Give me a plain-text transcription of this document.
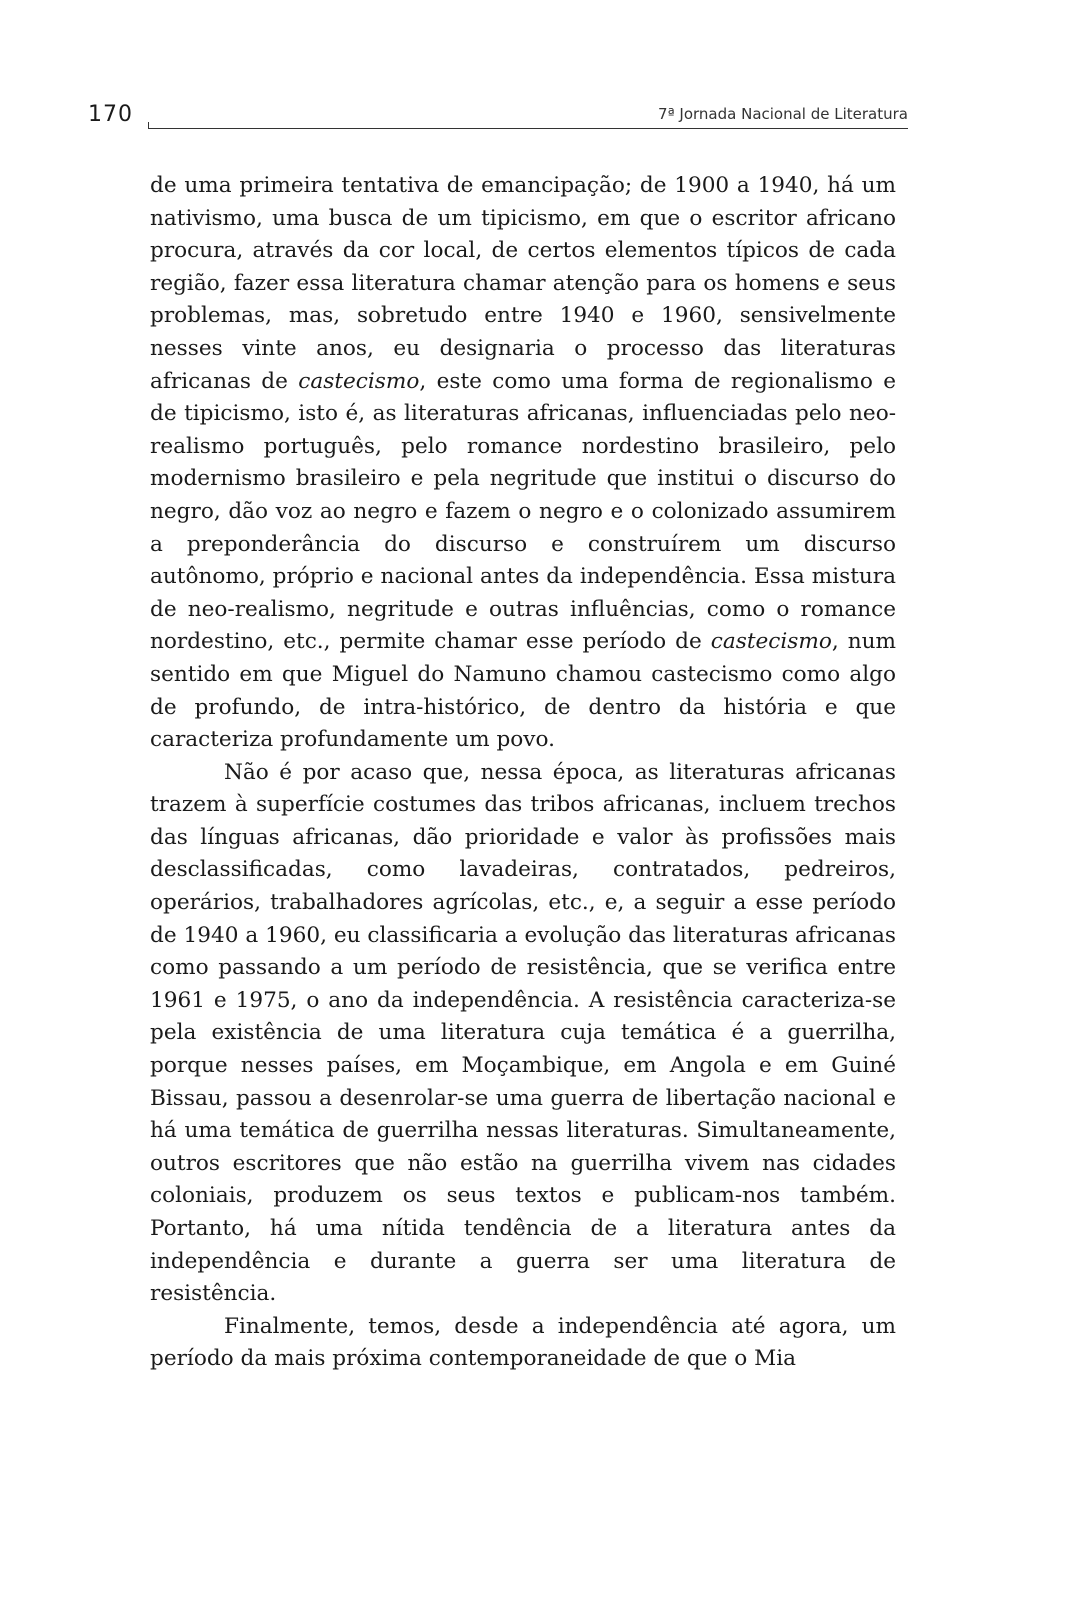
170	7ª Jornada Nacional de Literatura

de uma primeira tentativa de emancipação; de 1900 a 1940, há um nativismo, uma busca de um tipicismo, em que o escritor africano procura, através da cor local, de certos elementos típicos de cada região, fazer essa literatura chamar atenção para os homens e seus problemas, mas, sobretudo entre 1940 e 1960, sensivelmente nesses vinte anos, eu designaria o processo das literaturas africanas de castecismo, este como uma forma de regionalismo e de tipicismo, isto é, as literaturas africanas, influenciadas pelo neo-realismo português, pelo romance nordestino brasileiro, pelo modernismo brasileiro e pela negritude que institui o discurso do negro, dão voz ao negro e fazem o negro e o colonizado assumirem a preponderância do discurso e construírem um discurso autônomo, próprio e nacional antes da independência. Essa mistura de neo-realismo, negritude e outras influências, como o romance nordestino, etc., permite chamar esse período de castecismo, num sentido em que Miguel do Namuno chamou castecismo como algo de profundo, de intra-histórico, de dentro da história e que caracteriza profundamente um povo.

Não é por acaso que, nessa época, as literaturas africanas trazem à superfície costumes das tribos africanas, incluem trechos das línguas africanas, dão prioridade e valor às profissões mais desclassificadas, como lavadeiras, contratados, pedreiros, operários, trabalhadores agrícolas, etc., e, a seguir a esse período de 1940 a 1960, eu classificaria a evolução das literaturas africanas como passando a um período de resistência, que se verifica entre 1961 e 1975, o ano da independência. A resistência caracteriza-se pela existência de uma literatura cuja temática é a guerrilha, porque nesses países, em Moçambique, em Angola e em Guiné Bissau, passou a desenrolar-se uma guerra de libertação nacional e há uma temática de guerrilha nessas literaturas. Simultaneamente, outros escritores que não estão na guerrilha vivem nas cidades coloniais, produzem os seus textos e publicam-nos também. Portanto, há uma nítida tendência de a literatura antes da independência e durante a guerra ser uma literatura de resistência.

Finalmente, temos, desde a independência até agora, um período da mais próxima contemporaneidade de que o Mia
